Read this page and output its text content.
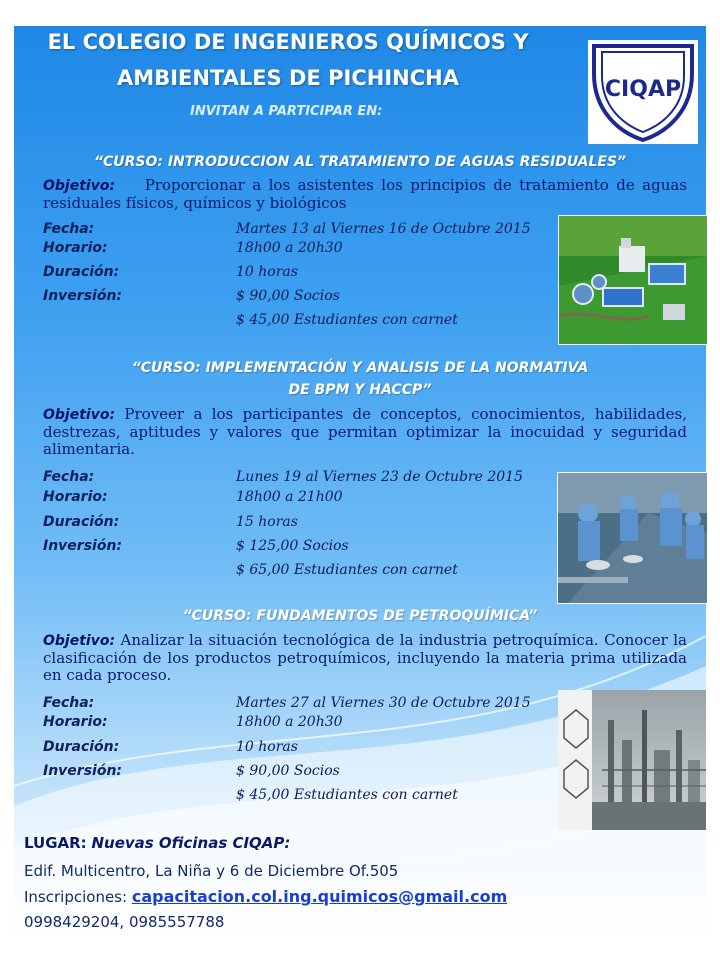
EL COLEGIO DE INGENIEROS QUÍMICOS Y
AMBIENTALES DE PICHINCHA
INVITAN A PARTICIPAR EN:
CIQAP
“CURSO: INTRODUCCION AL TRATAMIENTO DE AGUAS RESIDUALES”
Objetivo: Proporcionar a los asistentes los principios de tratamiento de aguas residuales físicos, químicos y biológicos
Fecha:	Martes 13 al Viernes 16 de Octubre 2015
Horario:	18h00 a 20h30
Duración:	10 horas
Inversión:	$ 90,00 Socios
$ 45,00 Estudiantes con carnet
“CURSO: IMPLEMENTACIÓN Y ANALISIS DE LA NORMATIVA
DE BPM Y HACCP”
Objetivo: Proveer a los participantes de conceptos, conocimientos, habilidades, destrezas, aptitudes y valores que permitan optimizar la inocuidad y seguridad alimentaria.
Fecha:	Lunes 19 al Viernes 23 de Octubre 2015
Horario:	18h00 a 21h00
Duración:	15 horas
Inversión:	$ 125,00 Socios
$ 65,00 Estudiantes con carnet
“CURSO: FUNDAMENTOS DE PETROQUÍMICA”
Objetivo: Analizar la situación tecnológica de la industria petroquímica. Conocer la clasificación de los productos petroquímicos, incluyendo la materia prima utilizada en cada proceso.
Fecha:	Martes 27 al Viernes 30 de Octubre 2015
Horario:	18h00 a 20h30
Duración:	10 horas
Inversión:	$ 90,00 Socios
$ 45,00 Estudiantes con carnet
LUGAR: Nuevas Oficinas CIQAP:
Edif. Multicentro, La Niña y 6 de Diciembre Of.505
Inscripciones: capacitacion.col.ing.quimicos@gmail.com
0998429204, 0985557788
